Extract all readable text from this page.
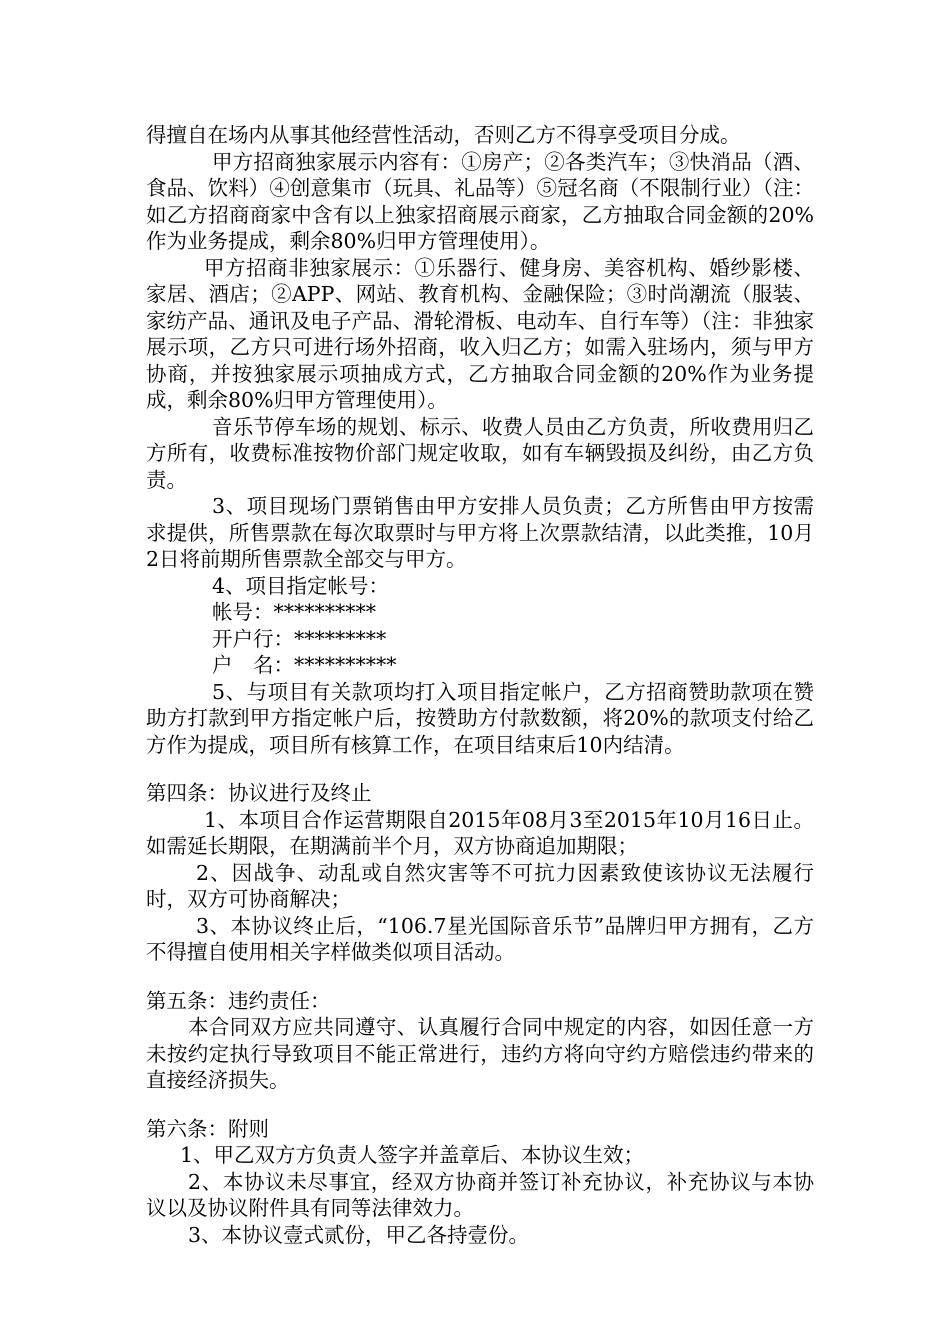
得擅自在场内从事其他经营性活动，否则乙方不得享受项目分成。

甲方招商独家展示内容有：①房产；②各类汽车；③快消品（酒、食品、饮料）④创意集市（玩具、礼品等）⑤冠名商（不限制行业）（注：如乙方招商商家中含有以上独家招商展示商家，乙方抽取合同金额的20%作为业务提成，剩余80%归甲方管理使用）。

甲方招商非独家展示：①乐器行、健身房、美容机构、婚纱影楼、家居、酒店；②APP、网站、教育机构、金融保险；③时尚潮流（服装、家纺产品、通讯及电子产品、滑轮滑板、电动车、自行车等）（注：非独家展示项，乙方只可进行场外招商，收入归乙方；如需入驻场内，须与甲方协商，并按独家展示项抽成方式，乙方抽取合同金额的20%作为业务提成，剩余80%归甲方管理使用）。

音乐节停车场的规划、标示、收费人员由乙方负责，所收费用归乙方所有，收费标准按物价部门规定收取，如有车辆毁损及纠纷，由乙方负责。

3、项目现场门票销售由甲方安排人员负责；乙方所售由甲方按需求提供，所售票款在每次取票时与甲方将上次票款结清，以此类推，10月2日将前期所售票款全部交与甲方。

4、项目指定帐号：

帐号：**********

开户行：*********

户　名：**********

5、与项目有关款项均打入项目指定帐户，乙方招商赞助款项在赞助方打款到甲方指定帐户后，按赞助方付款数额，将20%的款项支付给乙方作为提成，项目所有核算工作，在项目结束后10内结清。

第四条：协议进行及终止

1、本项目合作运营期限自2015年08月3至2015年10月16日止。如需延长期限，在期满前半个月，双方协商追加期限；

2、因战争、动乱或自然灾害等不可抗力因素致使该协议无法履行时，双方可协商解决；

3、本协议终止后，“106.7星光国际音乐节”品牌归甲方拥有，乙方不得擅自使用相关字样做类似项目活动。

第五条：违约责任：

本合同双方应共同遵守、认真履行合同中规定的内容，如因任意一方未按约定执行导致项目不能正常进行，违约方将向守约方赔偿违约带来的直接经济损失。

第六条：附则

1、甲乙双方方负责人签字并盖章后、本协议生效；

2、本协议未尽事宜，经双方协商并签订补充协议，补充协议与本协议以及协议附件具有同等法律效力。

3、本协议壹式贰份，甲乙各持壹份。
